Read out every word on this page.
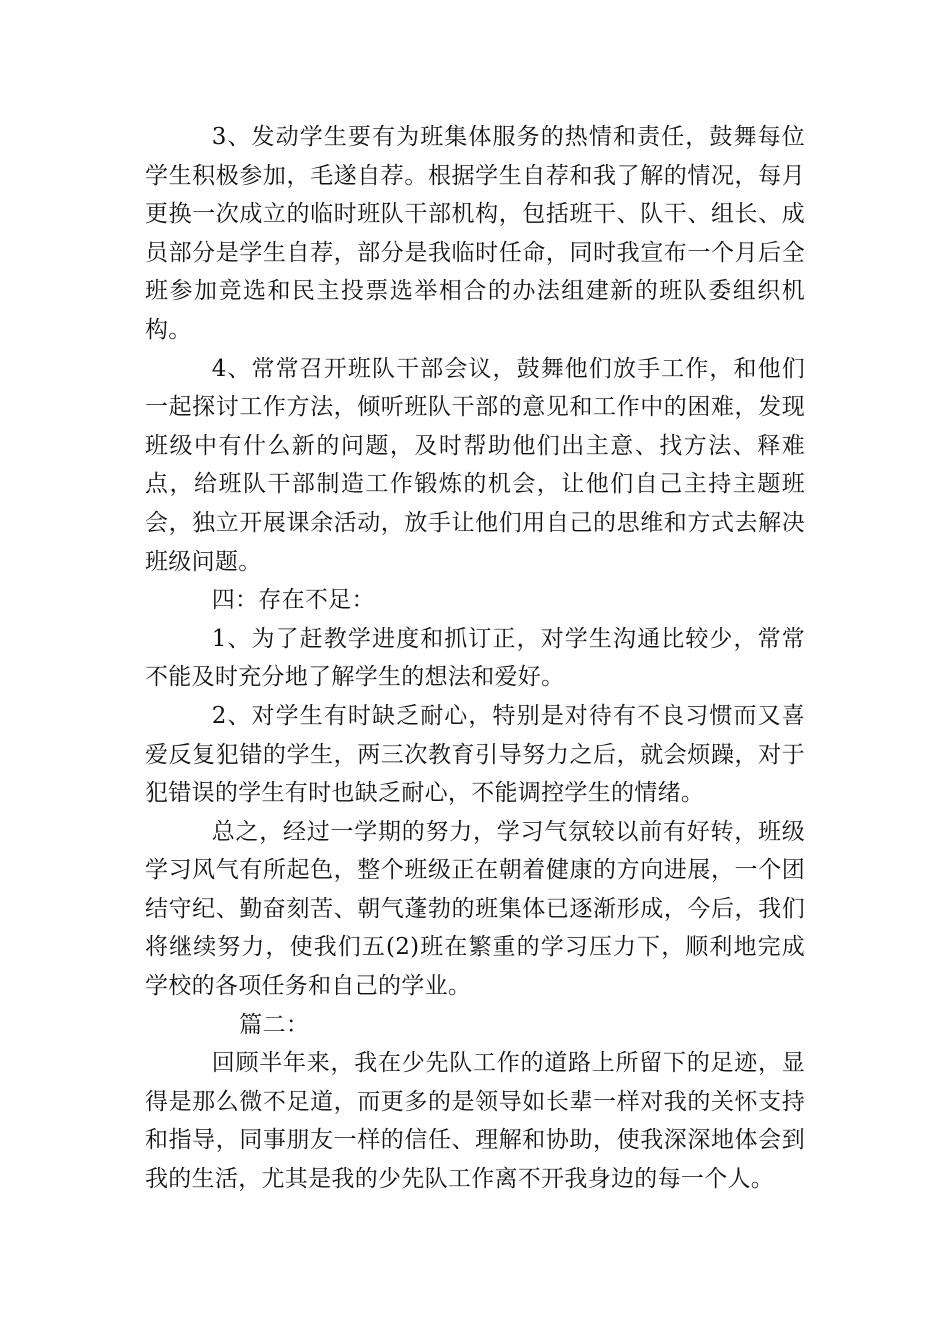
3、发动学生要有为班集体服务的热情和责任，鼓舞每位学生积极参加，毛遂自荐。根据学生自荐和我了解的情况，每月更换一次成立的临时班队干部机构，包括班干、队干、组长、成员部分是学生自荐，部分是我临时任命，同时我宣布一个月后全班参加竞选和民主投票选举相合的办法组建新的班队委组织机构。

4、常常召开班队干部会议，鼓舞他们放手工作，和他们一起探讨工作方法，倾听班队干部的意见和工作中的困难，发现班级中有什么新的问题，及时帮助他们出主意、找方法、释难点，给班队干部制造工作锻炼的机会，让他们自己主持主题班会，独立开展课余活动，放手让他们用自己的思维和方式去解决班级问题。

四：存在不足：

1、为了赶教学进度和抓订正，对学生沟通比较少，常常不能及时充分地了解学生的想法和爱好。

2、对学生有时缺乏耐心，特别是对待有不良习惯而又喜爱反复犯错的学生，两三次教育引导努力之后，就会烦躁，对于犯错误的学生有时也缺乏耐心，不能调控学生的情绪。

总之，经过一学期的努力，学习气氛较以前有好转，班级学习风气有所起色，整个班级正在朝着健康的方向进展，一个团结守纪、勤奋刻苦、朝气蓬勃的班集体已逐渐形成，今后，我们将继续努力，使我们五(2)班在繁重的学习压力下，顺利地完成学校的各项任务和自己的学业。

篇二：

回顾半年来，我在少先队工作的道路上所留下的足迹，显得是那么微不足道，而更多的是领导如长辈一样对我的关怀支持和指导，同事朋友一样的信任、理解和协助，使我深深地体会到我的生活，尤其是我的少先队工作离不开我身边的每一个人。
